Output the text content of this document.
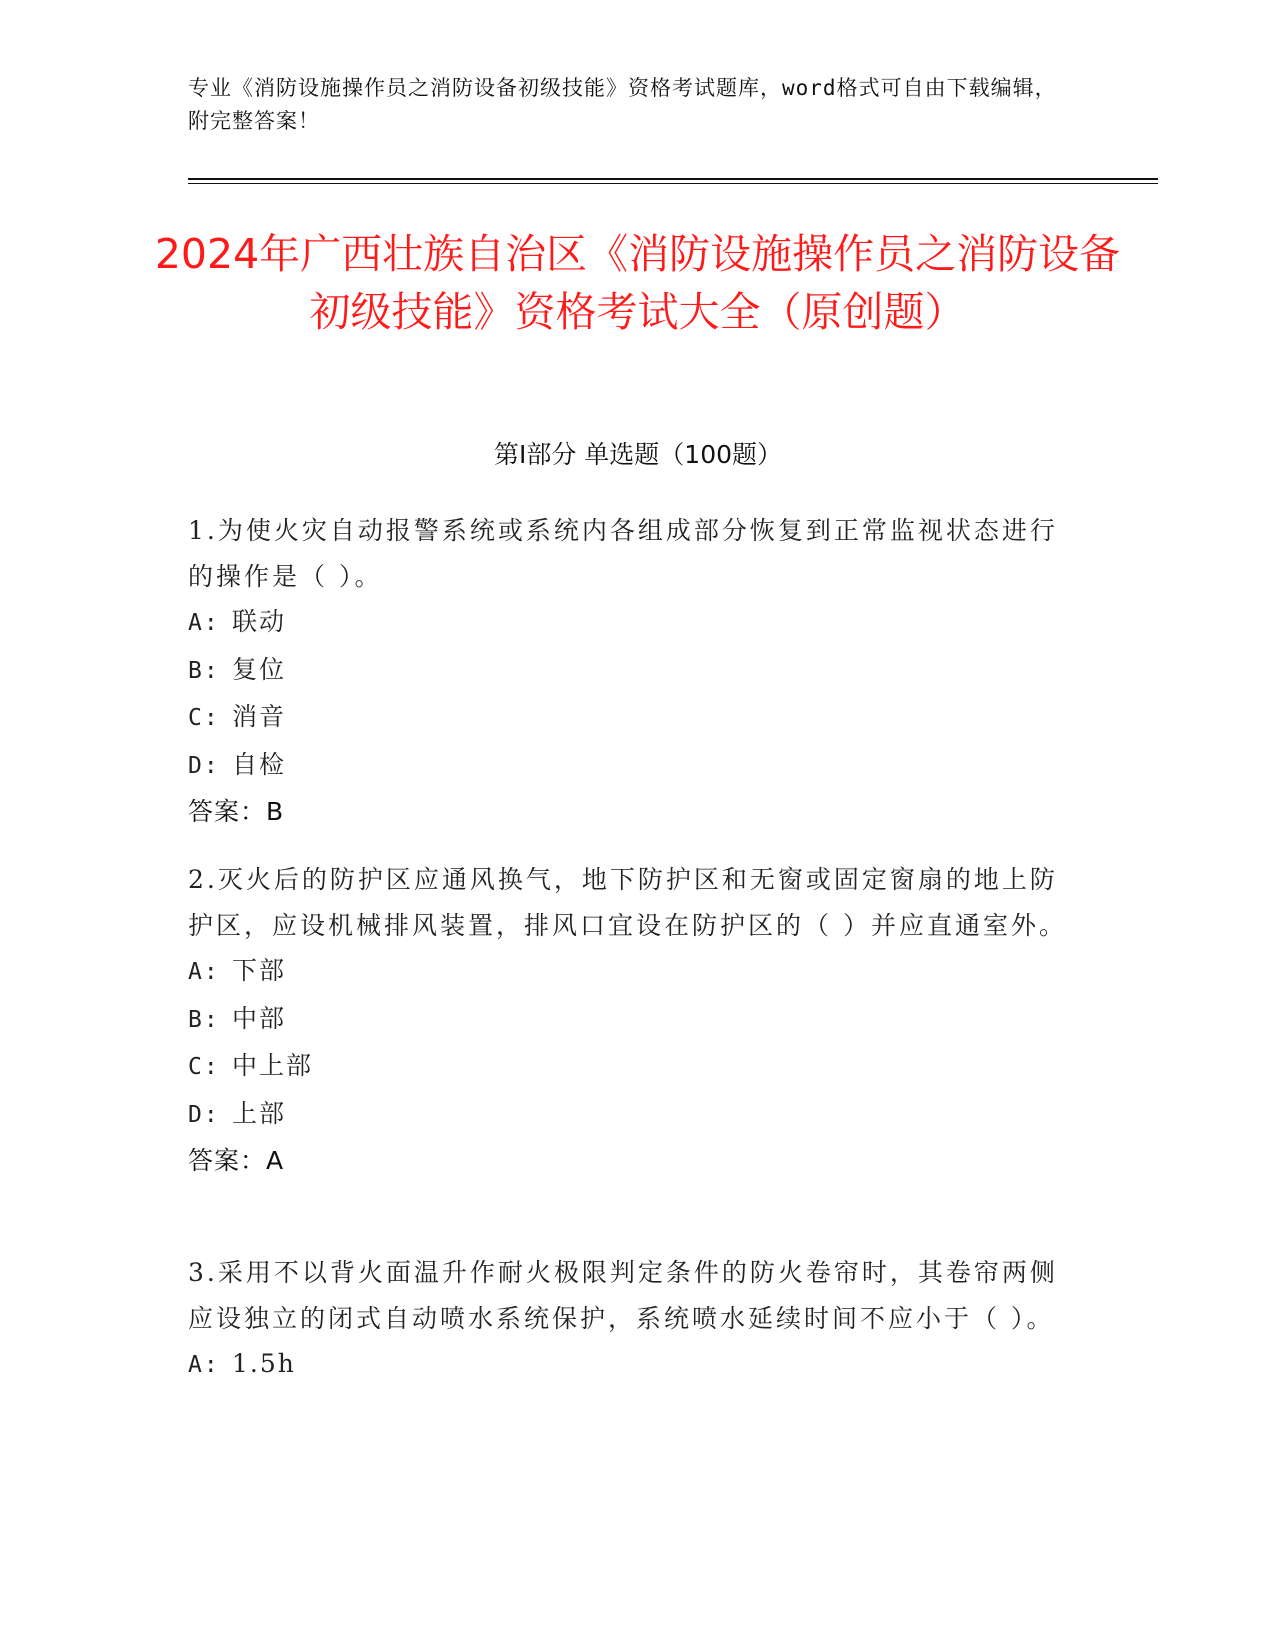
专业《消防设施操作员之消防设备初级技能》资格考试题库，word格式可自由下载编辑，附完整答案！
2024年广西壮族自治区《消防设施操作员之消防设备初级技能》资格考试大全（原创题）
第Ⅰ部分 单选题（100题）
1.为使火灾自动报警系统或系统内各组成部分恢复到正常监视状态进行的操作是（ ）。
A: 联动
B: 复位
C: 消音
D: 自检
答案：B
2.灭火后的防护区应通风换气，地下防护区和无窗或固定窗扇的地上防护区，应设机械排风装置，排风口宜设在防护区的（ ）并应直通室外。
A: 下部
B: 中部
C: 中上部
D: 上部
答案：A
3.采用不以背火面温升作耐火极限判定条件的防火卷帘时，其卷帘两侧应设独立的闭式自动喷水系统保护，系统喷水延续时间不应小于（ ）。
A: 1.5h
